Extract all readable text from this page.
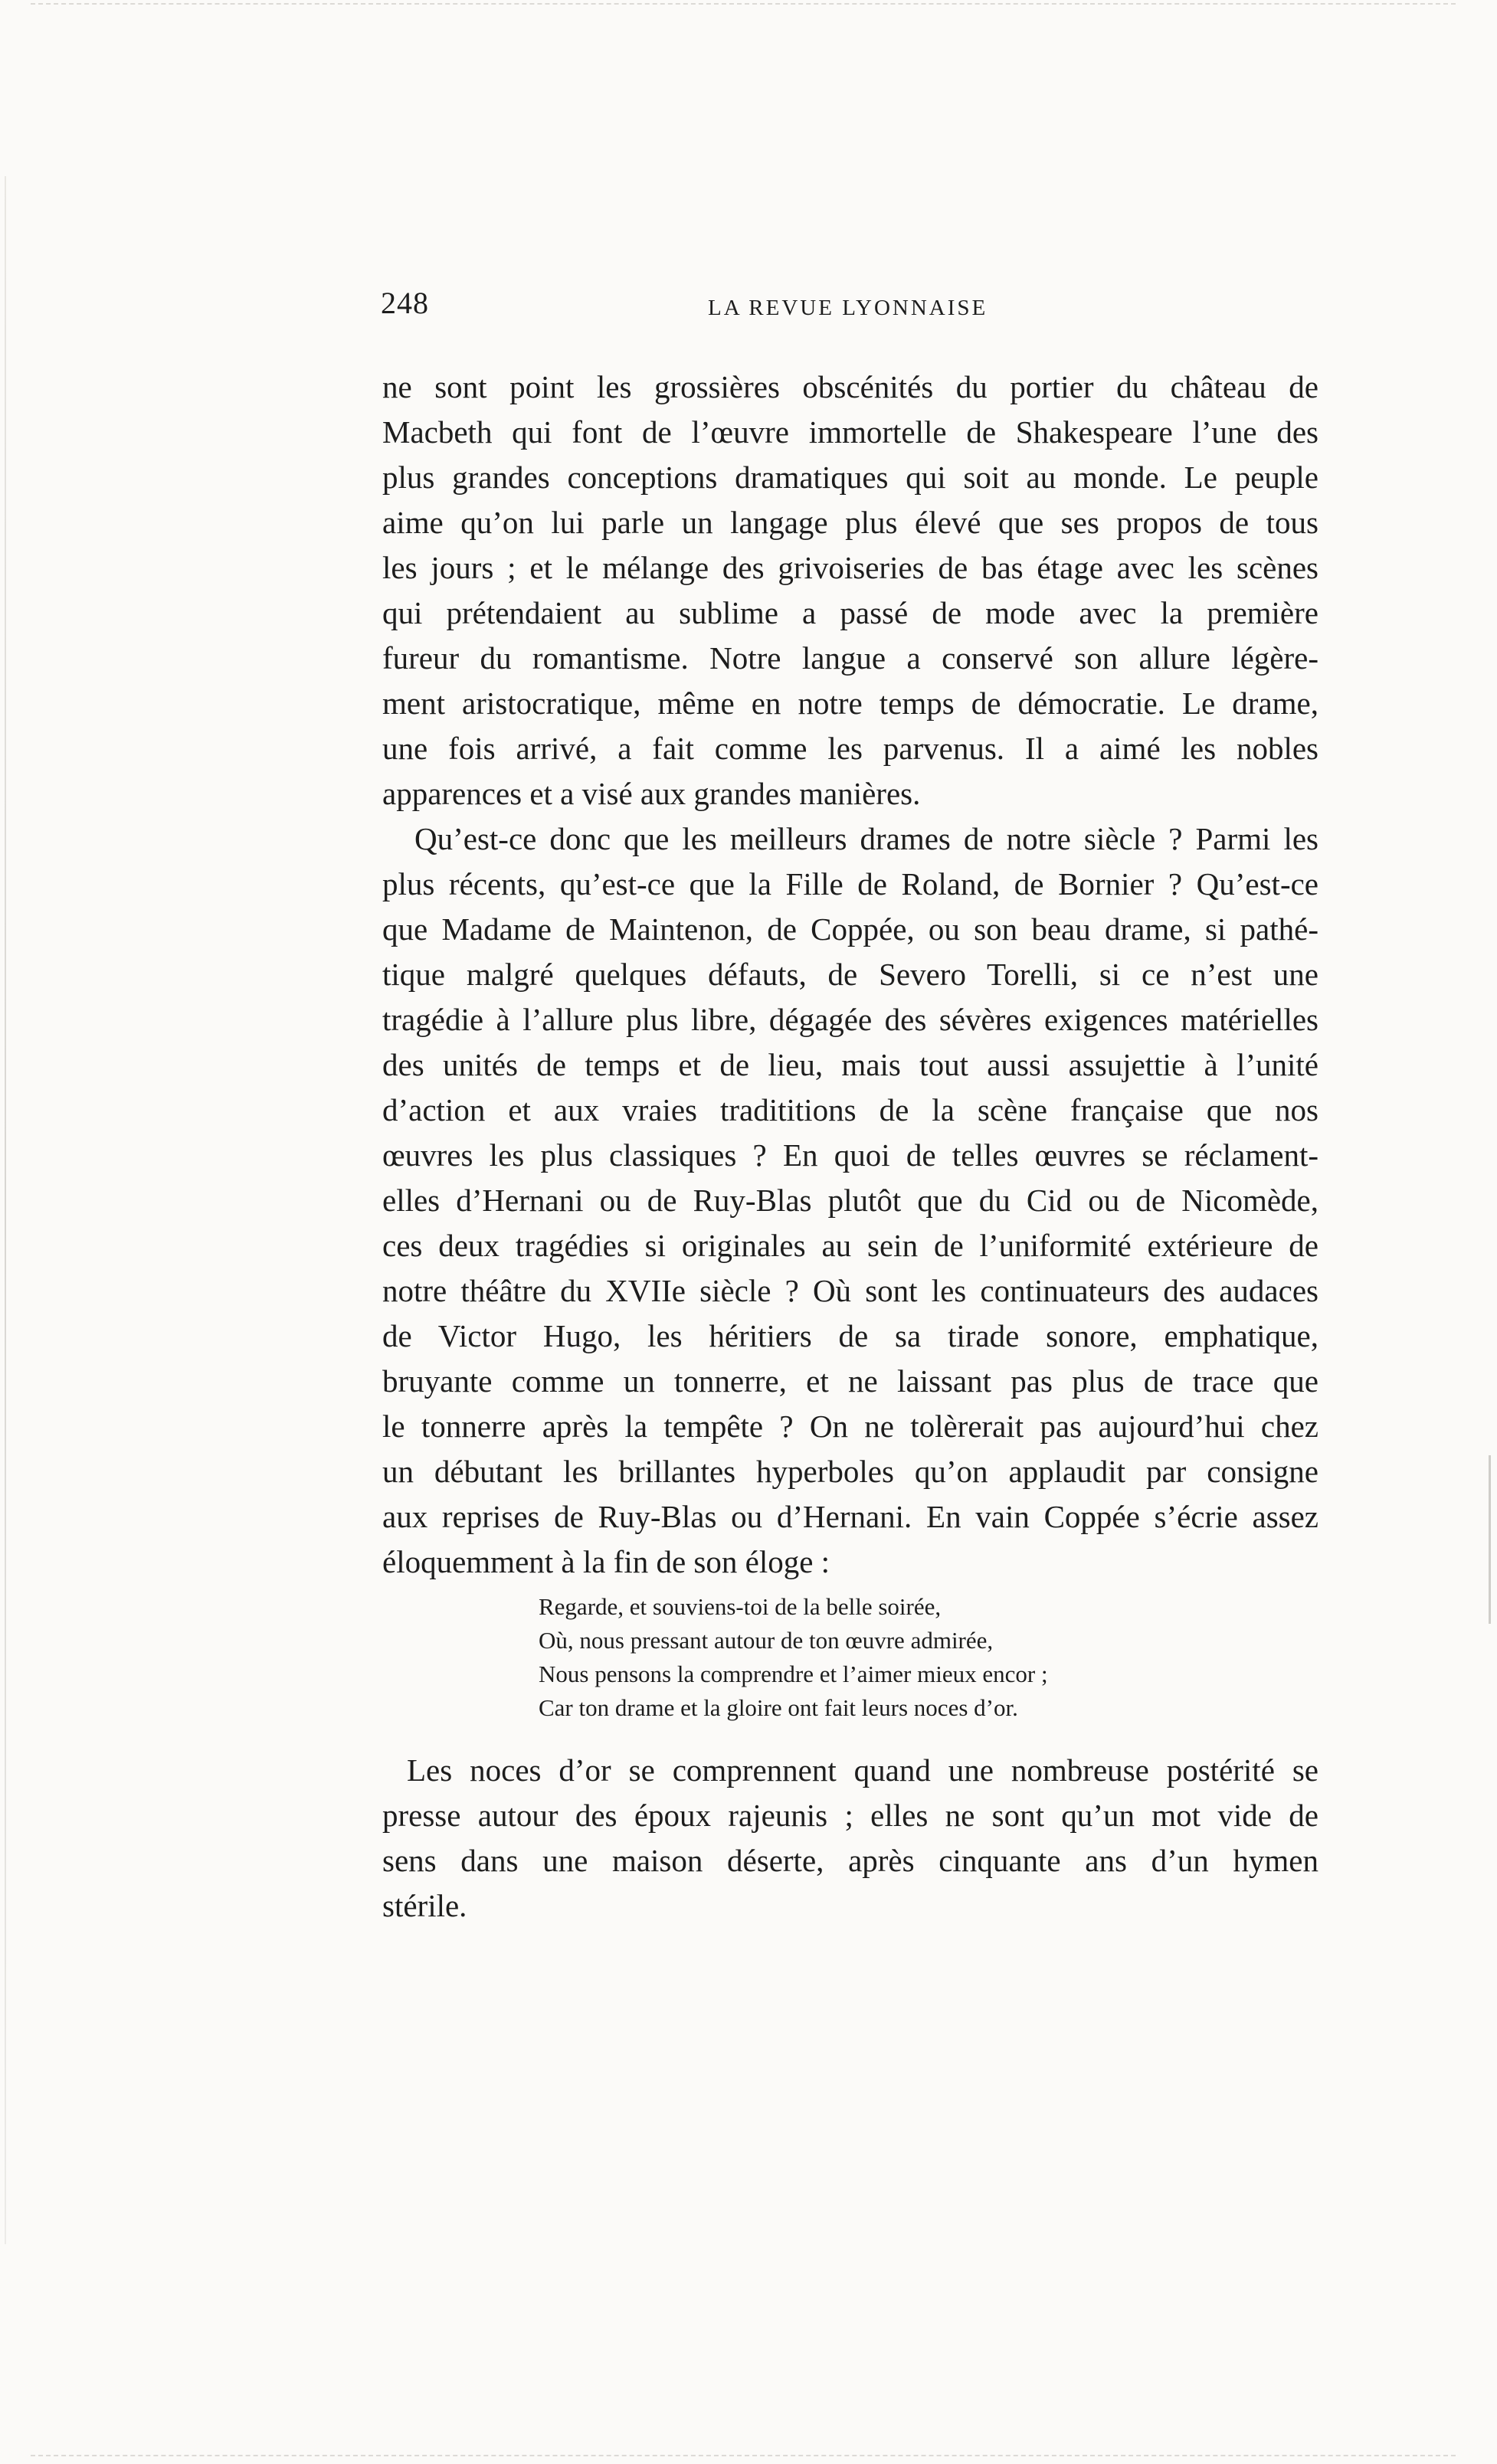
248	LA REVUE LYONNAISE
ne sont point les grossières obscénités du portier du château de
Macbeth qui font de l’œuvre immortelle de Shakespeare l’une des
plus grandes conceptions dramatiques qui soit au monde. Le peuple
aime qu’on lui parle un langage plus élevé que ses propos de tous
les jours ; et le mélange des grivoiseries de bas étage avec les scènes
qui prétendaient au sublime a passé de mode avec la première
fureur du romantisme. Notre langue a conservé son allure légère-
ment aristocratique, même en notre temps de démocratie. Le drame,
une fois arrivé, a fait comme les parvenus. Il a aimé les nobles
apparences et a visé aux grandes manières.
Qu’est-ce donc que les meilleurs drames de notre siècle ? Parmi les
plus récents, qu’est-ce que la Fille de Roland, de Bornier ? Qu’est-ce
que Madame de Maintenon, de Coppée, ou son beau drame, si pathé-
tique malgré quelques défauts, de Severo Torelli, si ce n’est une
tragédie à l’allure plus libre, dégagée des sévères exigences matérielles
des unités de temps et de lieu, mais tout aussi assujettie à l’unité
d’action et aux vraies tradititions de la scène française que nos
œuvres les plus classiques ? En quoi de telles œuvres se réclament-
elles d’Hernani ou de Ruy-Blas plutôt que du Cid ou de Nicomède,
ces deux tragédies si originales au sein de l’uniformité extérieure de
notre théâtre du XVIIe siècle ? Où sont les continuateurs des audaces
de Victor Hugo, les héritiers de sa tirade sonore, emphatique,
bruyante comme un tonnerre, et ne laissant pas plus de trace que
le tonnerre après la tempête ? On ne tolèrerait pas aujourd’hui chez
un débutant les brillantes hyperboles qu’on applaudit par consigne
aux reprises de Ruy-Blas ou d’Hernani. En vain Coppée s’écrie assez
éloquemment à la fin de son éloge :
Regarde, et souviens-toi de la belle soirée,
Où, nous pressant autour de ton œuvre admirée,
Nous pensons la comprendre et l’aimer mieux encor ;
Car ton drame et la gloire ont fait leurs noces d’or.
Les noces d’or se comprennent quand une nombreuse postérité se
presse autour des époux rajeunis ; elles ne sont qu’un mot vide de
sens dans une maison déserte, après cinquante ans d’un hymen
stérile.
